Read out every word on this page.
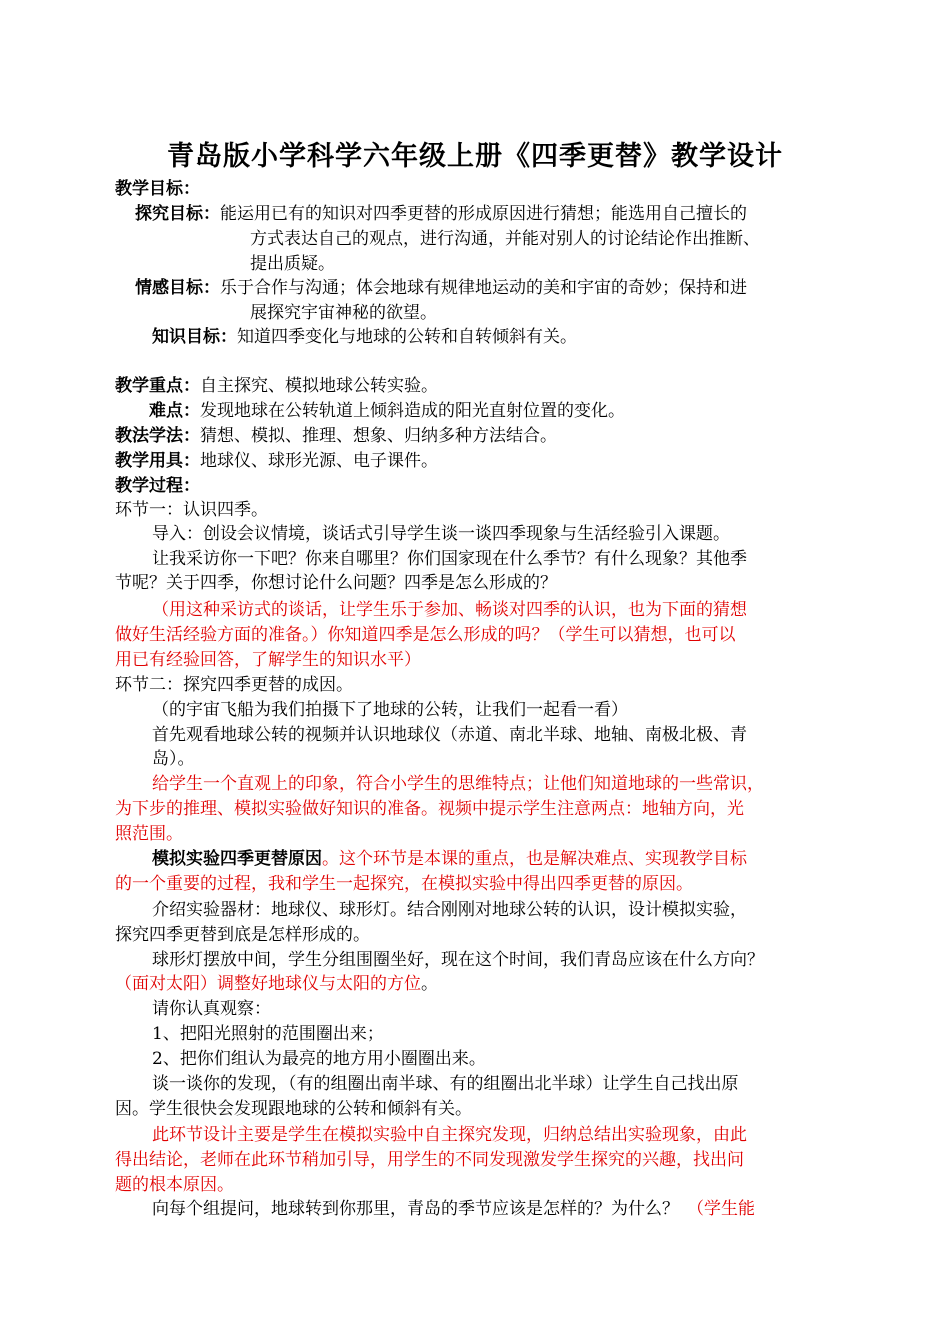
青岛版小学科学六年级上册《四季更替》教学设计
教学目标：
探究目标：能运用已有的知识对四季更替的形成原因进行猜想；能选用自己擅长的
方式表达自己的观点，进行沟通，并能对别人的讨论结论作出推断、
提出质疑。
情感目标：乐于合作与沟通；体会地球有规律地运动的美和宇宙的奇妙；保持和进
展探究宇宙神秘的欲望。
知识目标：知道四季变化与地球的公转和自转倾斜有关。
教学重点：自主探究、模拟地球公转实验。
难点：发现地球在公转轨道上倾斜造成的阳光直射位置的变化。
教法学法：猜想、模拟、推理、想象、归纳多种方法结合。
教学用具：地球仪、球形光源、电子课件。
教学过程：
环节一：认识四季。
导入：创设会议情境，谈话式引导学生谈一谈四季现象与生活经验引入课题。
让我采访你一下吧？你来自哪里？你们国家现在什么季节？有什么现象？其他季
节呢？关于四季，你想讨论什么问题？四季是怎么形成的？
（用这种采访式的谈话，让学生乐于参加、畅谈对四季的认识，也为下面的猜想
做好生活经验方面的准备。）你知道四季是怎么形成的吗？（学生可以猜想，也可以
用已有经验回答，了解学生的知识水平）
环节二：探究四季更替的成因。
（的宇宙飞船为我们拍摄下了地球的公转，让我们一起看一看）
首先观看地球公转的视频并认识地球仪（赤道、南北半球、地轴、南极北极、青
岛）。
给学生一个直观上的印象，符合小学生的思维特点；让他们知道地球的一些常识，
为下步的推理、模拟实验做好知识的准备。视频中提示学生注意两点：地轴方向，光
照范围。
模拟实验四季更替原因。这个环节是本课的重点，也是解决难点、实现教学目标
的一个重要的过程，我和学生一起探究，在模拟实验中得出四季更替的原因。
介绍实验器材：地球仪、球形灯。结合刚刚对地球公转的认识，设计模拟实验，
探究四季更替到底是怎样形成的。
球形灯摆放中间，学生分组围圈坐好，现在这个时间，我们青岛应该在什么方向？
（面对太阳）调整好地球仪与太阳的方位。
请你认真观察：
1、把阳光照射的范围圈出来；
2、把你们组认为最亮的地方用小圈圈出来。
谈一谈你的发现，（有的组圈出南半球、有的组圈出北半球）让学生自己找出原
因。学生很快会发现跟地球的公转和倾斜有关。
此环节设计主要是学生在模拟实验中自主探究发现，归纳总结出实验现象，由此
得出结论，老师在此环节稍加引导，用学生的不同发现激发学生探究的兴趣，找出问
题的根本原因。
向每个组提问，地球转到你那里，青岛的季节应该是怎样的？为什么？ （学生能
